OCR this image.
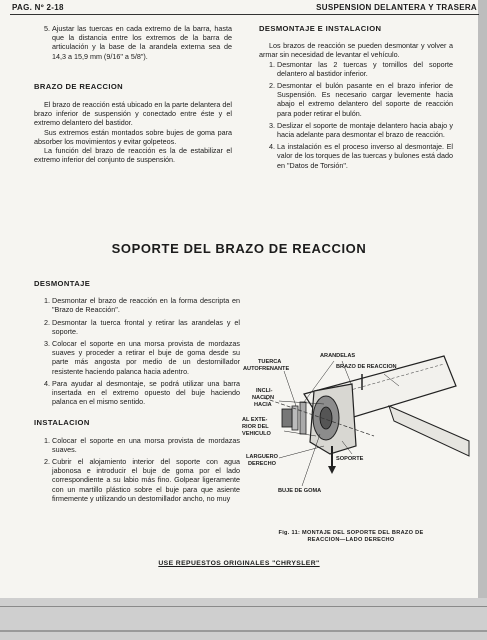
PAG. Nº 2-18	SUSPENSION DELANTERA Y TRASERA
5. Ajustar las tuercas en cada extremo de la barra, hasta que la distancia entre los extremos de la barra de articulación y la base de la arandela externa sea de 14,3 a 15,9 mm (9/16" a 5/8").
BRAZO DE REACCION

El brazo de reacción está ubicado en la parte delantera del brazo inferior de suspensión y conectado entre éste y el extremo delantero del bastidor.

Sus extremos están montados sobre bujes de goma para absorber los movimientos y evitar golpeteos.

La función del brazo de reacción es la de estabilizar el extremo inferior del conjunto de suspensión.

DESMONTAJE E INSTALACION

Los brazos de reacción se pueden desmontar y volver a armar sin necesidad de levantar el vehículo.

1. Desmontar las 2 tuercas y tornillos del soporte delantero al bastidor inferior.
2. Desmontar el bulón pasante en el brazo inferior de Suspensión. Es necesario cargar levemente hacia abajo el extremo delantero del soporte de reacción para poder retirar el bulón.
3. Deslizar el soporte de montaje delantero hacia abajo y hacia adelante para desmontar el brazo de reacción.
4. La instalación es el proceso inverso al desmontaje. El valor de los torques de las tuercas y bulones está dado en "Datos de Torsión".
SOPORTE DEL BRAZO DE REACCION
DESMONTAJE
1. Desmontar el brazo de reacción en la forma descripta en "Brazo de Reacción".
2. Desmontar la tuerca frontal y retirar las arandelas y el soporte.
3. Colocar el soporte en una morsa provista de mordazas suaves y proceder a retirar el buje de goma desde su parte más angosta por medio de un destornillador resistente haciendo palanca hacia adentro.
4. Para ayudar al desmontaje, se podrá utilizar una barra insertada en el extremo opuesto del buje haciendo palanca en el mismo sentido.
INSTALACION
1. Colocar el soporte en una morsa provista de mordazas suaves.
2. Cubrir el alojamiento interior del soporte con agua jabonosa e introducir el buje de goma por el lado correspondiente a su labio más fino. Golpear ligeramente con un martillo plástico sobre el buje para que asiente firmemente y utilizando un destornillador ancho, no muy
ARANDELAS
TUERCA
AUTOFRENANTE	BRAZO DE REACCION
INCLI-
NACION
HACIA
AL EXTE-
RIOR DEL
VEHICULO
LARGUERO
DERECHO
SOPORTE
BUJE DE GOMA
Fig. 11: MONTAJE DEL SOPORTE DEL BRAZO DE
REACCION—LADO DERECHO
USE REPUESTOS ORIGINALES "CHRYSLER"
